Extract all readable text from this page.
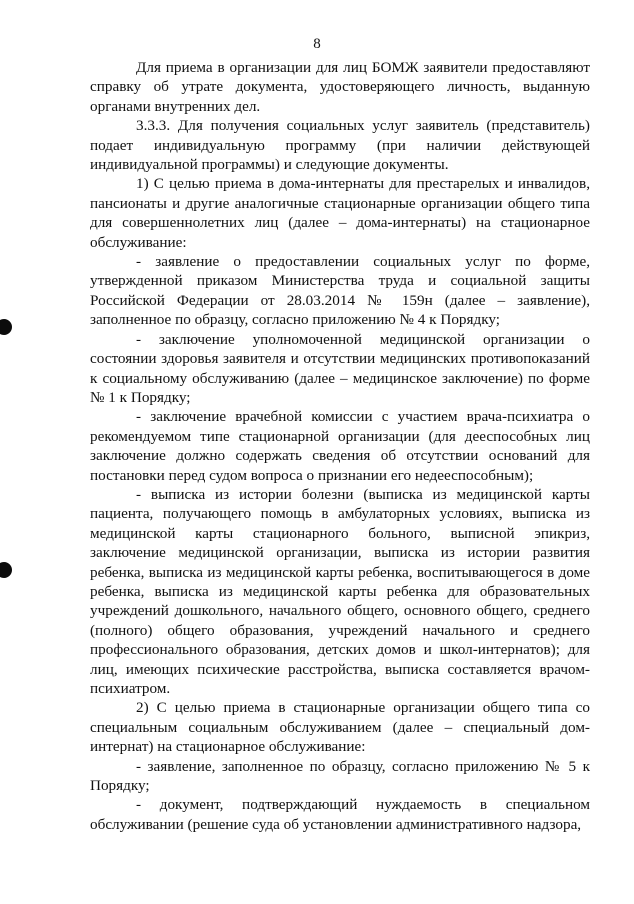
8

Для приема в организации для лиц БОМЖ заявители предоставляют справку об утрате документа, удостоверяющего личность, выданную органами внутренних дел.

3.3.3. Для получения социальных услуг заявитель (представитель) подает индивидуальную программу (при наличии действующей индивидуальной программы) и следующие документы.

1) С целью приема в дома-интернаты для престарелых и инвалидов, пансионаты и другие аналогичные стационарные организации общего типа для совершеннолетних лиц (далее – дома-интернаты) на стационарное обслуживание:

- заявление о предоставлении социальных услуг по форме, утвержденной приказом Министерства труда и социальной защиты Российской Федерации от 28.03.2014 № 159н (далее – заявление), заполненное по образцу, согласно приложению № 4 к Порядку;

- заключение уполномоченной медицинской организации о состоянии здоровья заявителя и отсутствии медицинских противопоказаний к социальному обслуживанию (далее – медицинское заключение) по форме № 1 к Порядку;

- заключение врачебной комиссии с участием врача-психиатра о рекомендуемом типе стационарной организации (для дееспособных лиц заключение должно содержать сведения об отсутствии оснований для постановки перед судом вопроса о признании его недееспособным);

- выписка из истории болезни (выписка из медицинской карты пациента, получающего помощь в амбулаторных условиях, выписка из медицинской карты стационарного больного, выписной эпикриз, заключение медицинской организации, выписка из истории развития ребенка, выписка из медицинской карты ребенка, воспитывающегося в доме ребенка, выписка из медицинской карты ребенка для образовательных учреждений дошкольного, начального общего, основного общего, среднего (полного) общего образования, учреждений начального и среднего профессионального образования, детских домов и школ-интернатов); для лиц, имеющих психические расстройства, выписка составляется врачом-психиатром.

2) С целью приема в стационарные организации общего типа со специальным социальным обслуживанием (далее – специальный дом-интернат) на стационарное обслуживание:

- заявление, заполненное по образцу, согласно приложению № 5 к Порядку;

- документ, подтверждающий нуждаемость в специальном обслуживании (решение суда об установлении административного надзора,
